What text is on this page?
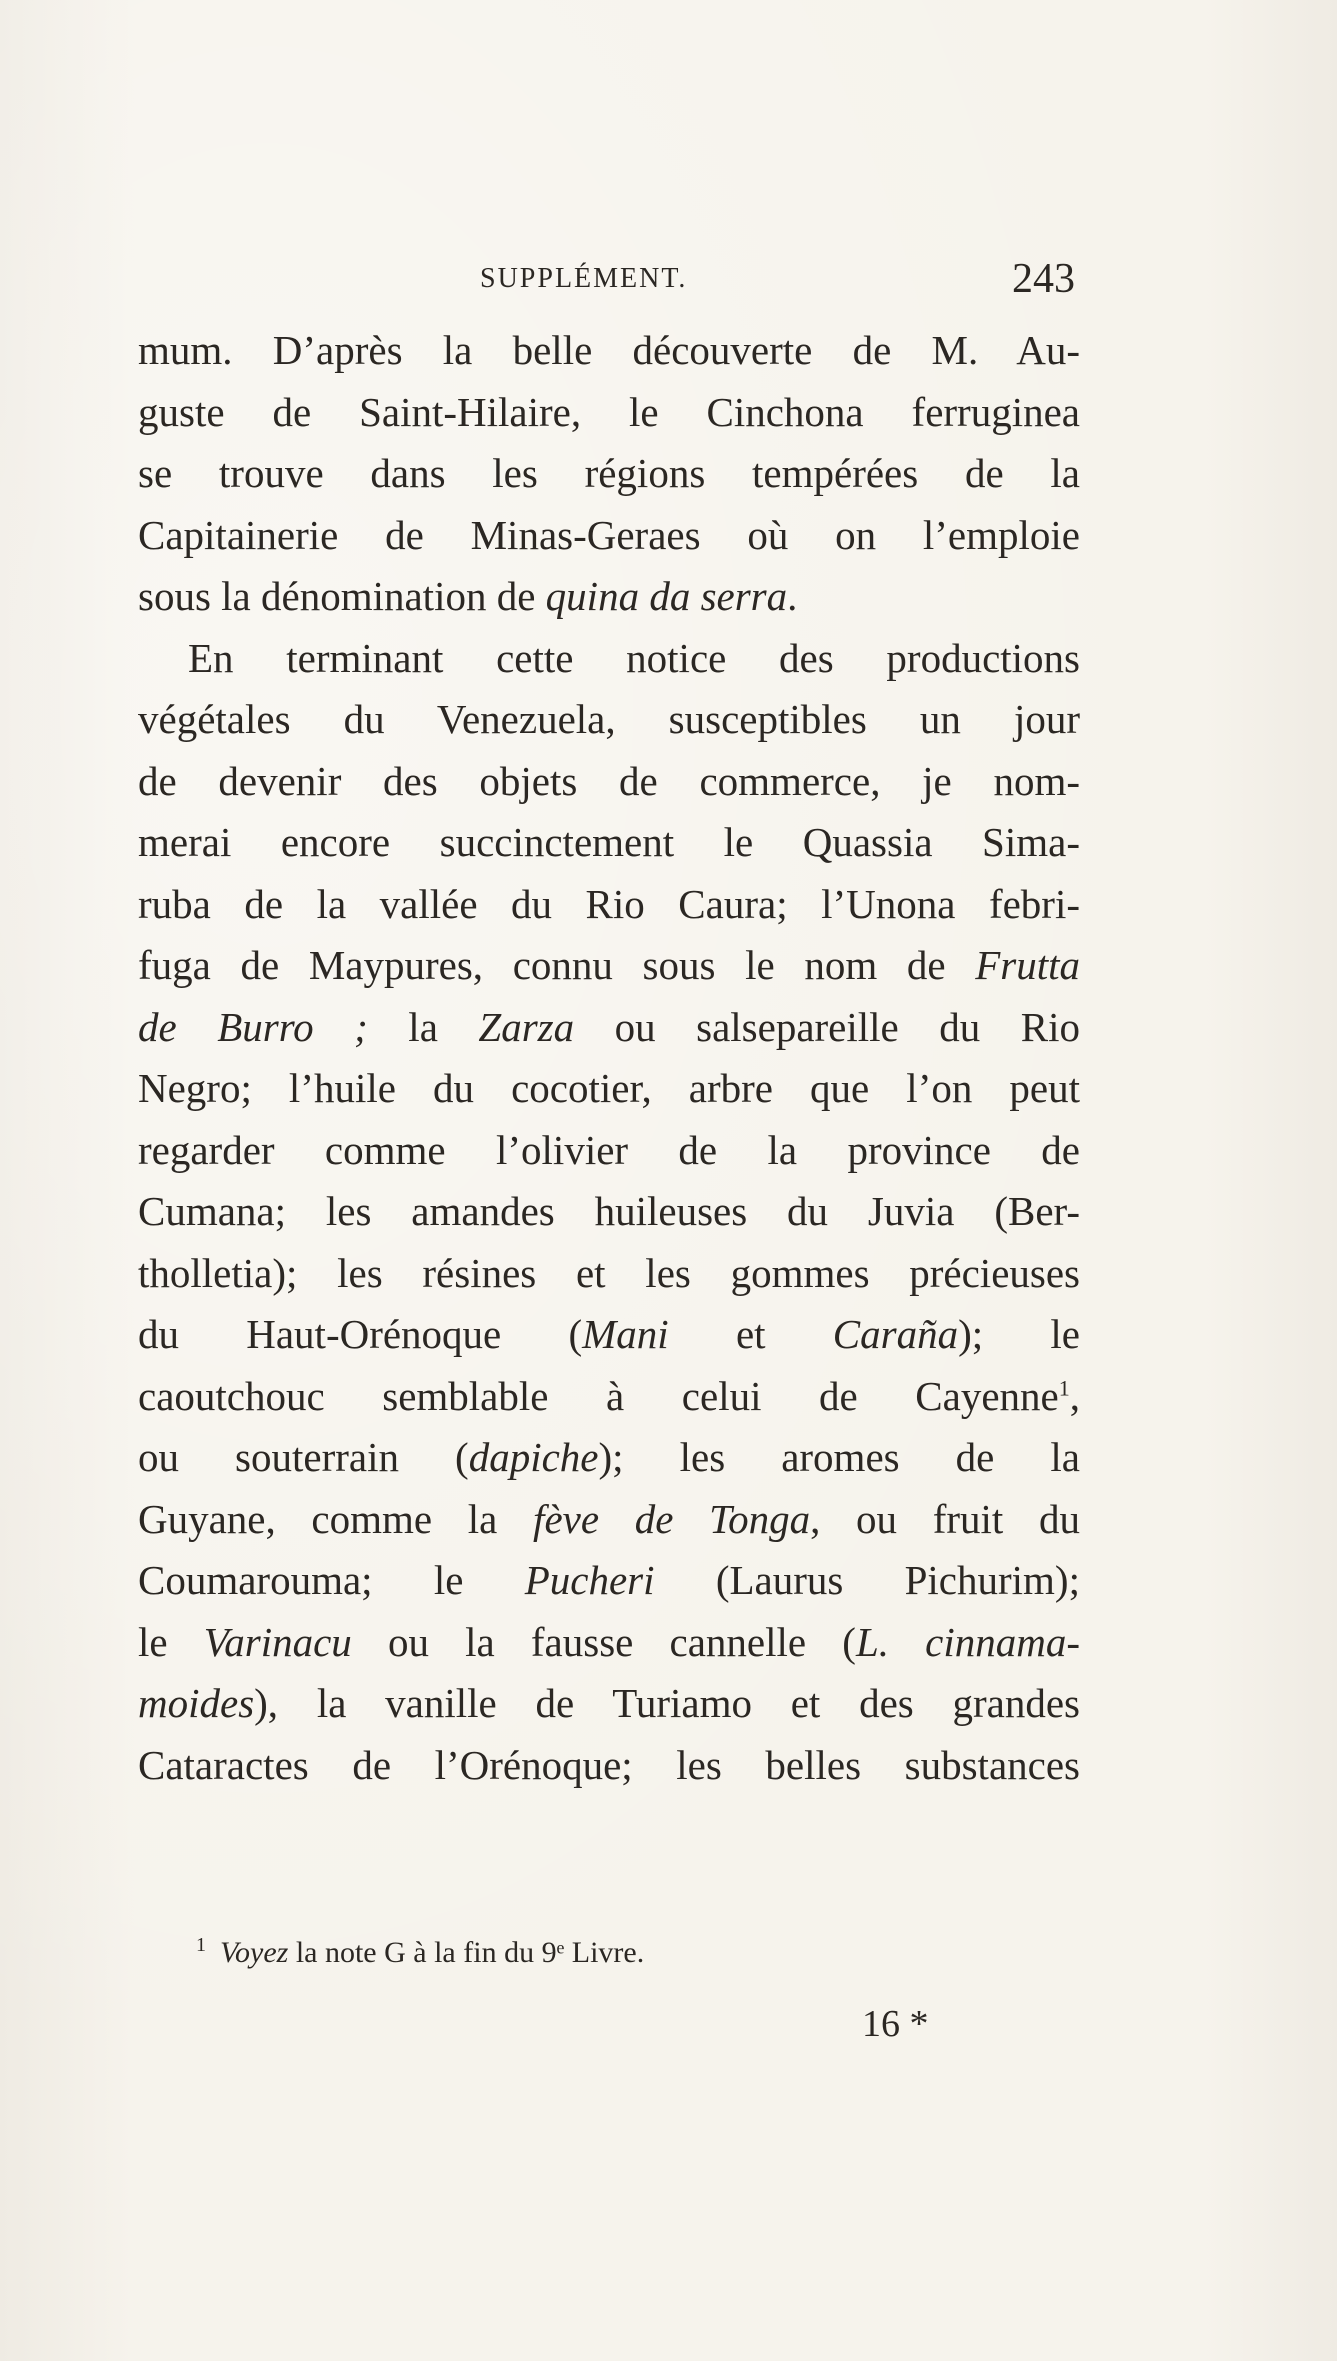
SUPPLÉMENT.	243
mum. D’après la belle découverte de M. Au-
guste de Saint-Hilaire, le Cinchona ferruginea
se trouve dans les régions tempérées de la
Capitainerie de Minas-Geraes où on l’emploie
sous la dénomination de quina da serra.
En terminant cette notice des productions
végétales du Venezuela, susceptibles un jour
de devenir des objets de commerce, je nom-
merai encore succinctement le Quassia Sima-
ruba de la vallée du Rio Caura; l’Unona febri-
fuga de Maypures, connu sous le nom de Frutta
de Burro ; la Zarza ou salsepareille du Rio
Negro; l’huile du cocotier, arbre que l’on peut
regarder comme l’olivier de la province de
Cumana; les amandes huileuses du Juvia (Ber-
tholletia); les résines et les gommes précieuses
du Haut-Orénoque (Mani et Caraña); le
caoutchouc semblable à celui de Cayenne$^1$,
ou souterrain (dapiche); les aromes de la
Guyane, comme la fève de Tonga, ou fruit du
Coumarouma; le Pucheri (Laurus Pichurim);
le Varinacu ou la fausse cannelle (L. cinnama-
moides), la vanille de Turiamo et des grandes
Cataractes de l’Orénoque; les belles substances
$^1$ Voyez la note G à la fin du 9ᵉ Livre.
16 *
